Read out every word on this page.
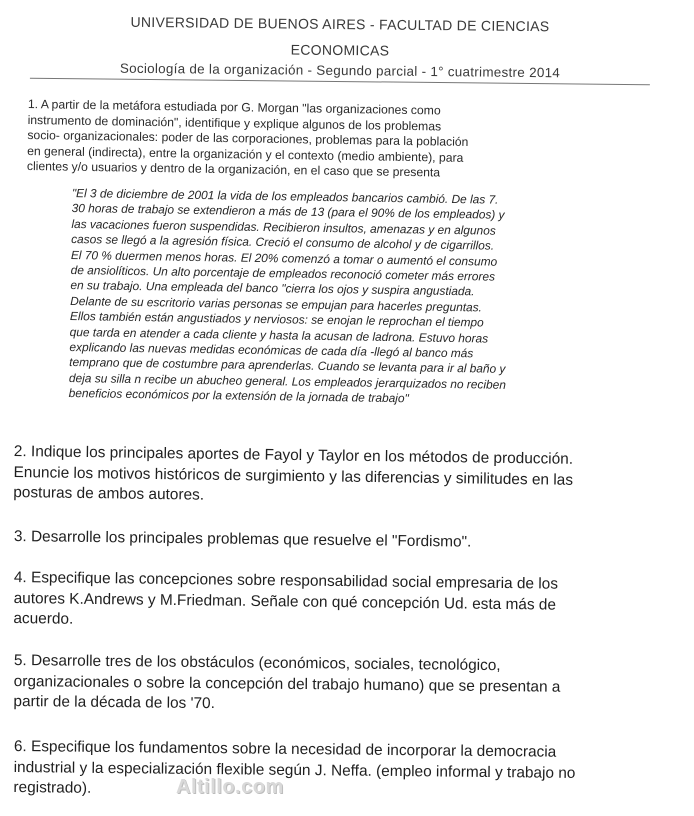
UNIVERSIDAD DE BUENOS AIRES - FACULTAD DE CIENCIAS
ECONOMICAS
Sociología de la organización - Segundo parcial - 1° cuatrimestre 2014
1. A partir de la metáfora estudiada por G. Morgan "las organizaciones como
instrumento de dominación", identifique y explique algunos de los problemas
socio- organizacionales: poder de las corporaciones, problemas para la población
en general (indirecta), entre la organización y el contexto (medio ambiente), para
clientes y/o usuarios y dentro de la organización, en el caso que se presenta
"El 3 de diciembre de 2001 la vida de los empleados bancarios cambió. De las 7.
30 horas de trabajo se extendieron a más de 13 (para el 90% de los empleados) y
las vacaciones fueron suspendidas. Recibieron insultos, amenazas y en algunos
casos se llegó a la agresión física. Creció el consumo de alcohol y de cigarrillos.
El 70 % duermen menos horas. El 20% comenzó a tomar o aumentó el consumo
de ansiolíticos. Un alto porcentaje de empleados reconoció cometer más errores
en su trabajo. Una empleada del banco "cierra los ojos y suspira angustiada.
Delante de su escritorio varias personas se empujan para hacerles preguntas.
Ellos también están angustiados y nerviosos: se enojan le reprochan el tiempo
que tarda en atender a cada cliente y hasta la acusan de ladrona. Estuvo horas
explicando las nuevas medidas económicas de cada día -llegó al banco más
temprano que de costumbre para aprenderlas. Cuando se levanta para ir al baño y
deja su silla n recibe un abucheo general. Los empleados jerarquizados no reciben
beneficios económicos por la extensión de la jornada de trabajo"
2. Indique los principales aportes de Fayol y Taylor en los métodos de producción.
Enuncie los motivos históricos de surgimiento y las diferencias y similitudes en las
posturas de ambos autores.
3. Desarrolle los principales problemas que resuelve el "Fordismo".
4. Especifique las concepciones sobre responsabilidad social empresaria de los
autores K.Andrews y M.Friedman. Señale con qué concepción Ud. esta más de
acuerdo.
5. Desarrolle tres de los obstáculos (económicos, sociales, tecnológico,
organizacionales o sobre la concepción del trabajo humano) que se presentan a
partir de la década de los '70.
6. Especifique los fundamentos sobre la necesidad de incorporar la democracia
industrial y la especialización flexible según J. Neffa. (empleo informal y trabajo no
registrado).	Altillo.com
